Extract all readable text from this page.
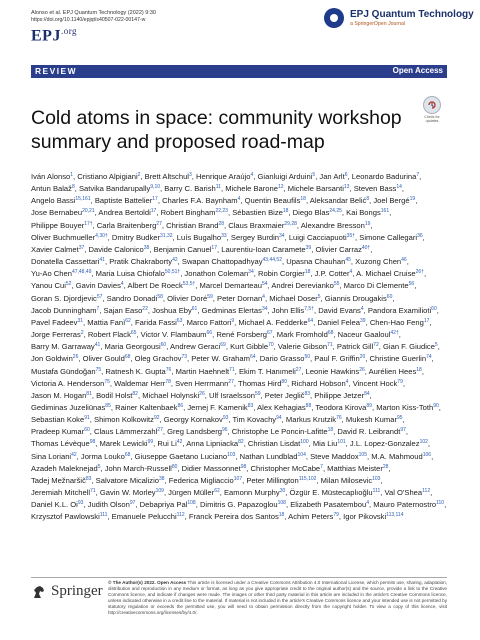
Alonso et al. EPJ Quantum Technology (2022) 9:30
https://doi.org/10.1140/epjqt/s40507-022-00147-w
$EPJ^{.org}$
EPJ Quantum Technology
a SpringerOpen Journal
REVIEW	Open Access
Check for
updates
Cold atoms in space: community workshop summary and proposed road-map
Iván Alonso$^1$, Cristiano Alpigiani$^2$, Brett Altschul$^3$, Henrique Araújo$^4$, Gianluigi Arduini$^5$, Jan Arlt$^6$, Leonardo Badurina$^7$, Antun Balaž$^8$, Satvika Bandarupally$^{9,10}$, Barry C. Barish$^{11}$, Michele Barone$^{12}$, Michele Barsanti$^{13}$, Steven Bass$^{14}$, Angelo Bassi$^{15,161}$, Baptiste Battelier$^{17}$, Charles F.A. Baynham$^4$, Quentin Beaufils$^{18}$, Aleksandar Belić$^8$, Joel Bergé$^{19}$, Jose Bernabeu$^{20,21}$, Andrea Bertoldi$^{17}$, Robert Bingham$^{22,23}$, Sébastien Bize$^{18}$, Diego Blas$^{24,25}$, Kai Bongs$^{161}$, Philippe Bouyer$^{17\dagger}$, Carla Braitenberg$^{27}$, Christian Brand$^{28}$, Claus Braxmaier$^{29,28}$, Alexandre Bresson$^{19}$, Oliver Buchmueller$^{4,30\dagger}$, Dmitry Budker$^{31,32}$, Luís Bugalho$^{33}$, Sergey Burdin$^{34}$, Luigi Cacciapuoti$^{35\dagger}$, Simone Callegari$^{36}$, Xavier Calmet$^{37}$, Davide Calonico$^{38}$, Benjamin Canuel$^{17}$, Laurentiu-Ioan Caramete$^{39}$, Olivier Carraz$^{40\dagger}$, Donatella Cassettari$^{41}$, Pratik Chakraborty$^{42}$, Swapan Chattopadhyay$^{43,44,52}$, Upasna Chauhan$^{45}$, Xuzong Chen$^{46}$, Yu-Ao Chen$^{47,48,49}$, Maria Luisa Chiofalo$^{50,51\dagger}$, Jonathon Coleman$^{34}$, Robin Corgier$^{18}$, J.P. Cotter$^4$, A. Michael Cruise$^{26\dagger}$, Yanou Cui$^{52}$, Gavin Davies$^4$, Albert De Roeck$^{53,5\dagger}$, Marcel Demarteau$^{54}$, Andrei Derevianko$^{55}$, Marco Di Clemente$^{56}$, Goran S. Djordjevic$^{57}$, Sandro Donadi$^{58}$, Olivier Doré$^{59}$, Peter Dornan$^4$, Michael Doser$^5$, Giannis Drougakis$^{60}$, Jacob Dunningham$^7$, Sajan Easo$^{22}$, Joshua Eby$^{61}$, Gedminas Elertas$^{34}$, John Ellis$^{7,5\dagger}$, David Evans$^4$, Pandora Examilioti$^{60}$, Pavel Fadeev$^{31}$, Mattia Fanì$^{62}$, Farida Fassi$^{63}$, Marco Fattori$^9$, Michael A. Fedderke$^{64}$, Daniel Felea$^{39}$, Chen-Hao Feng$^{17}$, Jorge Ferreras$^2$, Robert Flack$^{65}$, Victor V. Flambaum$^{66}$, René Forsberg$^{67}$, Mark Fromhold$^{68}$, Naceur Gaaloul$^{42\dagger}$, Barry M. Garraway$^{41}$, Maria Georgousi$^{60}$, Andrew Geraci$^{69}$, Kurt Gibble$^{70}$, Valerie Gibson$^{71}$, Patrick Gill$^{72}$, Gian F. Giudice$^5$, Jon Goldwin$^{26}$, Oliver Gould$^{68}$, Oleg Grachov$^{73}$, Peter W. Graham$^{64}$, Dario Grasso$^{50}$, Paul F. Griffin$^{20}$, Christine Guerlin$^{74}$, Mustafa Gündoğan$^{75}$, Ratnesh K. Gupta$^{76}$, Martin Haehnelt$^{71}$, Ekim T. Hanımeli$^{27}$, Leonie Hawkins$^{26}$, Aurélien Hees$^{18}$, Victoria A. Henderson$^{75}$, Waldemar Herr$^{78}$, Sven Herrmann$^{27}$, Thomas Hird$^{80}$, Richard Hobson$^4$, Vincent Hock$^{79}$, Jason M. Hogan$^{81}$, Bodil Holst$^{82}$, Michael Holynski$^{26}$, Ulf Israelsson$^{59}$, Peter Jeglič$^{83}$, Philippe Jetzer$^{84}$, Gediminas Juzeliūnas$^{85}$, Rainer Kaltenbaek$^{86}$, Jernej F. Kamenik$^{83}$, Alex Kehagias$^{88}$, Teodora Kirova$^{89}$, Marton Kiss-Toth$^{90}$, Sebastian Koke$^{91}$, Shimon Kolkowitz$^{92}$, Georgy Kornakov$^{93}$, Tim Kovachy$^{94}$, Markus Krutzik$^{76}$, Mukesh Kumar$^{95}$, Pradeep Kumar$^{60}$, Claus Lämmerzahl$^{27}$, Greg Landsberg$^{96}$, Christophe Le Poncin-Lafitte$^{18}$, David R. Leibrandt$^{97}$, Thomas Lévèque$^{98}$, Marek Lewicki$^{99}$, Rui Li$^{42}$, Anna Lipniacka$^{82}$, Christian Lisdat$^{100}$, Mia Liu$^{101}$, J.L. Lopez-Gonzalez$^{102}$, Sina Loriani$^{42}$, Jorma Louko$^{68}$, Giuseppe Gaetano Luciano$^{103}$, Nathan Lundblad$^{104}$, Steve Maddox$^{105}$, M.A. Mahmoud$^{106}$, Azadeh Maleknejad$^5$, John March-Russell$^{80}$, Didier Massonnet$^{98}$, Christopher McCabe$^7$, Matthias Meister$^{28}$, Tadej Mežnaršič$^{83}$, Salvatore Micalizio$^{38}$, Federica Migliaccio$^{107}$, Peter Millington$^{115,102}$, Milan Milosevic$^{103}$, Jeremiah Mitchell$^{71}$, Gavin W. Morley$^{109}$, Jürgen Müller$^{62}$, Eamonn Murphy$^{30}$, Özgür E. Müstecaplıoğlu$^{111}$, Val O'Shea$^{112}$, Daniel K.L. Oi$^{93}$, Judith Olson$^{97}$, Debapriya Pal$^{108}$, Dimitris G. Papazoglou$^{108}$, Elizabeth Pasatembou$^4$, Mauro Paternostro$^{110}$, Krzysztof Pawlowski$^{111}$, Emanuele Pelucchi$^{112}$, Franck Pereira dos Santos$^{18}$, Achim Peters$^{79}$, Igor Pikovski$^{113,114}$
Springer
© The Author(s) 2022. Open Access This article is licensed under a Creative Commons Attribution 4.0 International License, which permits use, sharing, adaptation, distribution and reproduction in any medium or format, as long as you give appropriate credit to the original author(s) and the source, provide a link to the Creative Commons licence, and indicate if changes were made. The images or other third party material in this article are included in the article's Creative Commons licence, unless indicated otherwise in a credit line to the material. If material is not included in the article's Creative Commons licence and your intended use is not permitted by statutory regulation or exceeds the permitted use, you will need to obtain permission directly from the copyright holder. To view a copy of this licence, visit http://creativecommons.org/licenses/by/4.0/.
